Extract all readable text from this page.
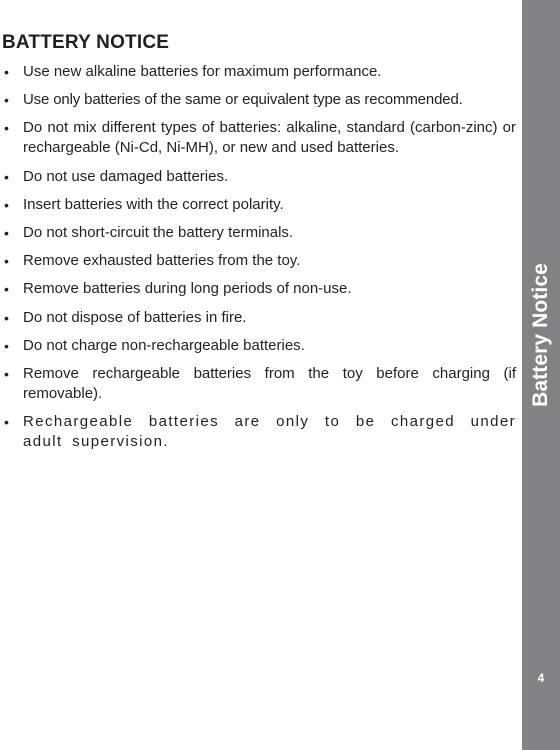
BATTERY NOTICE
• Use new alkaline batteries for maximum performance.
• Use only batteries of the same or equivalent type as recommended.
• Do not mix different types of batteries: alkaline, standard (carbon-zinc) or rechargeable (Ni-Cd, Ni-MH), or new and used batteries.
• Do not use damaged batteries.
• Insert batteries with the correct polarity.
• Do not short-circuit the battery terminals.
• Remove exhausted batteries from the toy.
• Remove batteries during long periods of non-use.
• Do not dispose of batteries in fire.
• Do not charge non-rechargeable batteries.
• Remove rechargeable batteries from the toy before charging (if removable).
• Rechargeable batteries are only to be charged under adult supervision.
Battery Notice
4
